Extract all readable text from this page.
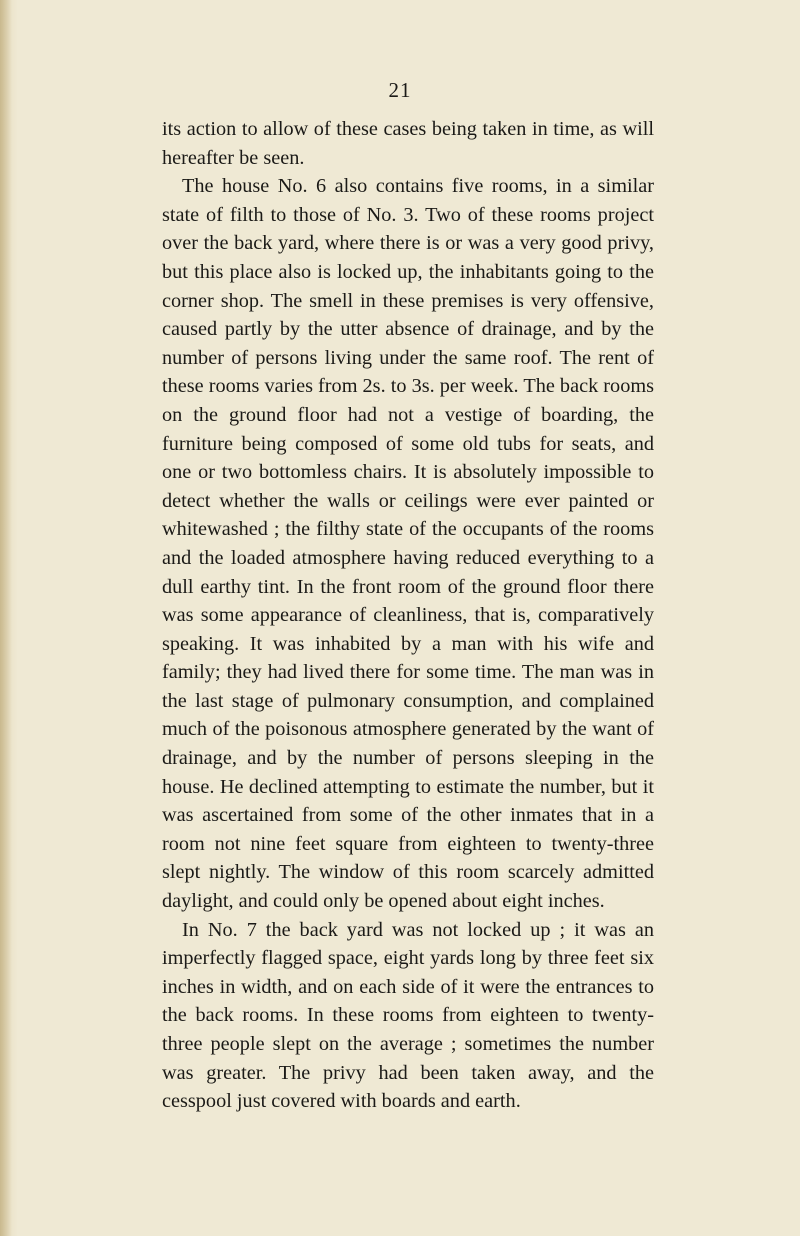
21

its action to allow of these cases being taken in time, as will hereafter be seen.

The house No. 6 also contains five rooms, in a similar state of filth to those of No. 3. Two of these rooms project over the back yard, where there is or was a very good privy, but this place also is locked up, the inhabitants going to the corner shop. The smell in these premises is very offensive, caused partly by the utter absence of drainage, and by the number of persons living under the same roof. The rent of these rooms varies from 2s. to 3s. per week. The back rooms on the ground floor had not a vestige of boarding, the furniture being composed of some old tubs for seats, and one or two bottomless chairs. It is absolutely impossible to detect whether the walls or ceilings were ever painted or whitewashed ; the filthy state of the occupants of the rooms and the loaded atmosphere having reduced everything to a dull earthy tint. In the front room of the ground floor there was some appearance of cleanliness, that is, comparatively speaking. It was inhabited by a man with his wife and family; they had lived there for some time. The man was in the last stage of pulmonary consumption, and complained much of the poisonous atmosphere generated by the want of drainage, and by the number of persons sleeping in the house. He declined attempting to estimate the number, but it was ascertained from some of the other inmates that in a room not nine feet square from eighteen to twenty-three slept nightly. The window of this room scarcely admitted daylight, and could only be opened about eight inches.

In No. 7 the back yard was not locked up ; it was an imperfectly flagged space, eight yards long by three feet six inches in width, and on each side of it were the entrances to the back rooms. In these rooms from eighteen to twenty-three people slept on the average ; sometimes the number was greater. The privy had been taken away, and the cesspool just covered with boards and earth.
